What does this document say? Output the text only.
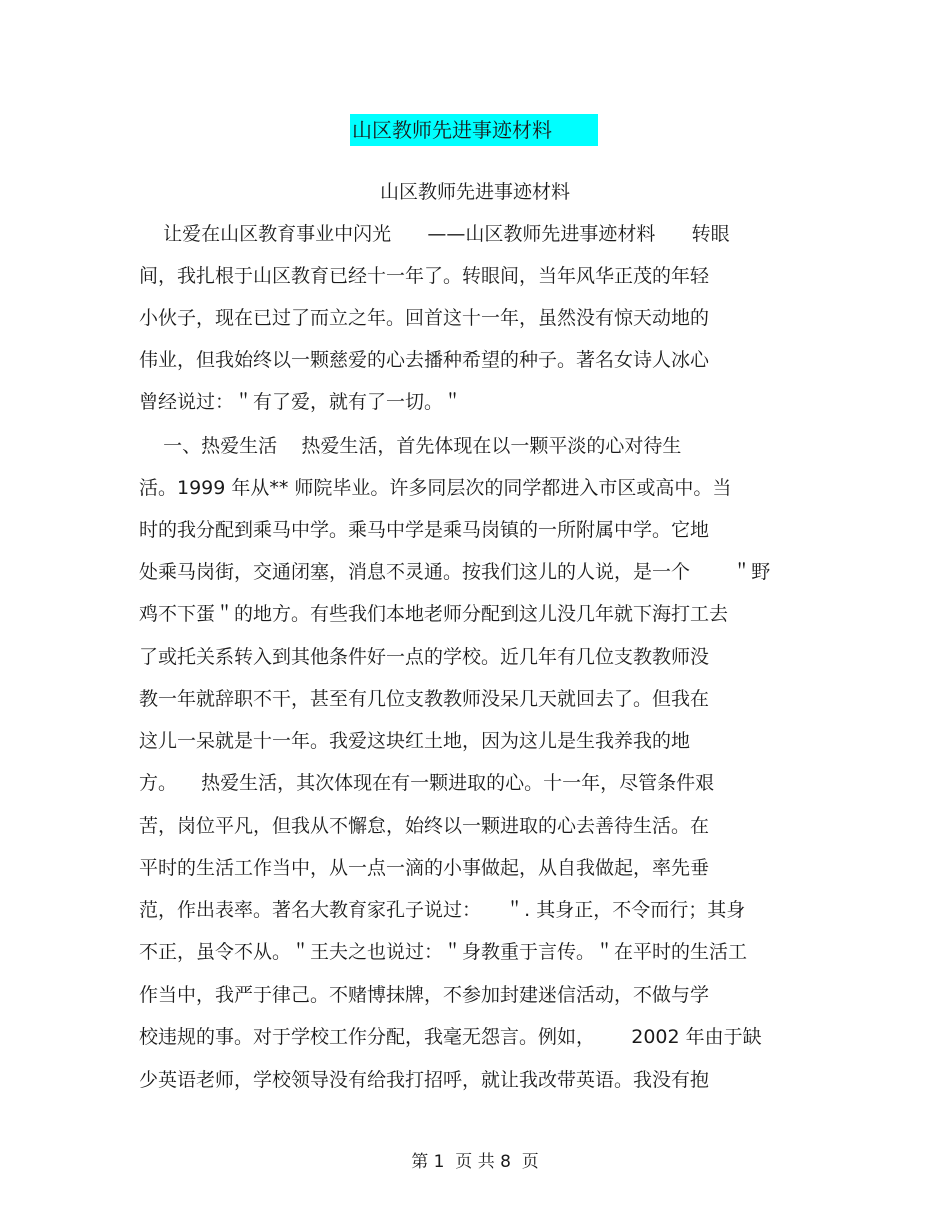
山区教师先进事迹材料
山区教师先进事迹材料
让爱在山区教育事业中闪光      ——山区教师先进事迹材料      转眼
间，我扎根于山区教育已经十一年了。转眼间，当年风华正茂的年轻
小伙子，现在已过了而立之年。回首这十一年，虽然没有惊天动地的
伟业，但我始终以一颗慈爱的心去播种希望的种子。著名女诗人冰心
曾经说过：＂有了爱，就有了一切。＂
一、热爱生活    热爱生活，首先体现在以一颗平淡的心对待生
活。1999 年从** 师院毕业。许多同层次的同学都进入市区或高中。当
时的我分配到乘马中学。乘马中学是乘马岗镇的一所附属中学。它地
处乘马岗街，交通闭塞，消息不灵通。按我们这儿的人说，是一个       ＂野
鸡不下蛋＂的地方。有些我们本地老师分配到这儿没几年就下海打工去
了或托关系转入到其他条件好一点的学校。近几年有几位支教教师没
教一年就辞职不干，甚至有几位支教教师没呆几天就回去了。但我在
这儿一呆就是十一年。我爱这块红土地，因为这儿是生我养我的地
方。    热爱生活，其次体现在有一颗进取的心。十一年，尽管条件艰
苦，岗位平凡，但我从不懈怠，始终以一颗进取的心去善待生活。在
平时的生活工作当中，从一点一滴的小事做起，从自我做起，率先垂
范，作出表率。著名大教育家孔子说过：    ＂. 其身正，不令而行；其身
不正，虽令不从。＂王夫之也说过：＂身教重于言传。＂在平时的生活工
作当中，我严于律己。不赌博抹牌，不参加封建迷信活动，不做与学
校违规的事。对于学校工作分配，我毫无怨言。例如，      2002 年由于缺
少英语老师，学校领导没有给我打招呼，就让我改带英语。我没有抱
第 1  页 共 8  页
